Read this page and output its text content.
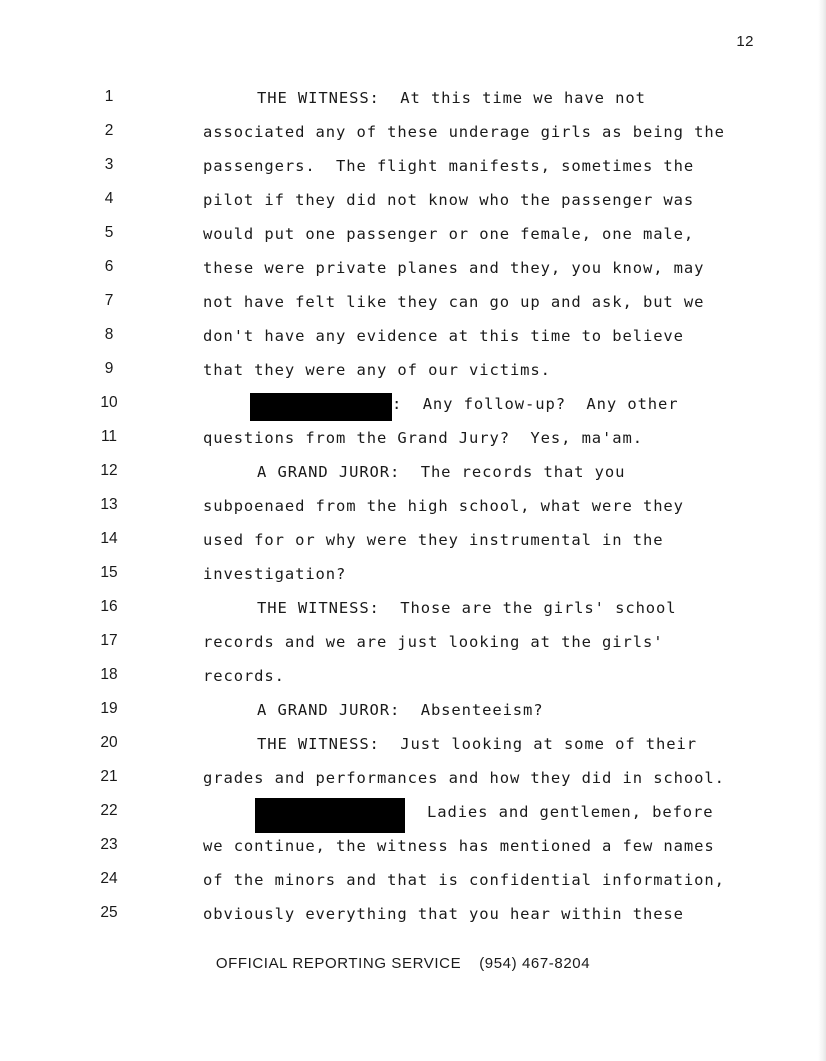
12
1	THE WITNESS:  At this time we have not
2	associated any of these underage girls as being the
3	passengers.  The flight manifests, sometimes the
4	pilot if they did not know who the passenger was
5	would put one passenger or one female, one male,
6	these were private planes and they, you know, may
7	not have felt like they can go up and ask, but we
8	don't have any evidence at this time to believe
9	that they were any of our victims.
10	:  Any follow-up?  Any other
11	questions from the Grand Jury?  Yes, ma'am.
12	A GRAND JUROR:  The records that you
13	subpoenaed from the high school, what were they
14	used for or why were they instrumental in the
15	investigation?
16	THE WITNESS:  Those are the girls' school
17	records and we are just looking at the girls'
18	records.
19	A GRAND JUROR:  Absenteeism?
20	THE WITNESS:  Just looking at some of their
21	grades and performances and how they did in school.
22	Ladies and gentlemen, before
23	we continue, the witness has mentioned a few names
24	of the minors and that is confidential information,
25	obviously everything that you hear within these
OFFICIAL REPORTING SERVICE (954) 467-8204
